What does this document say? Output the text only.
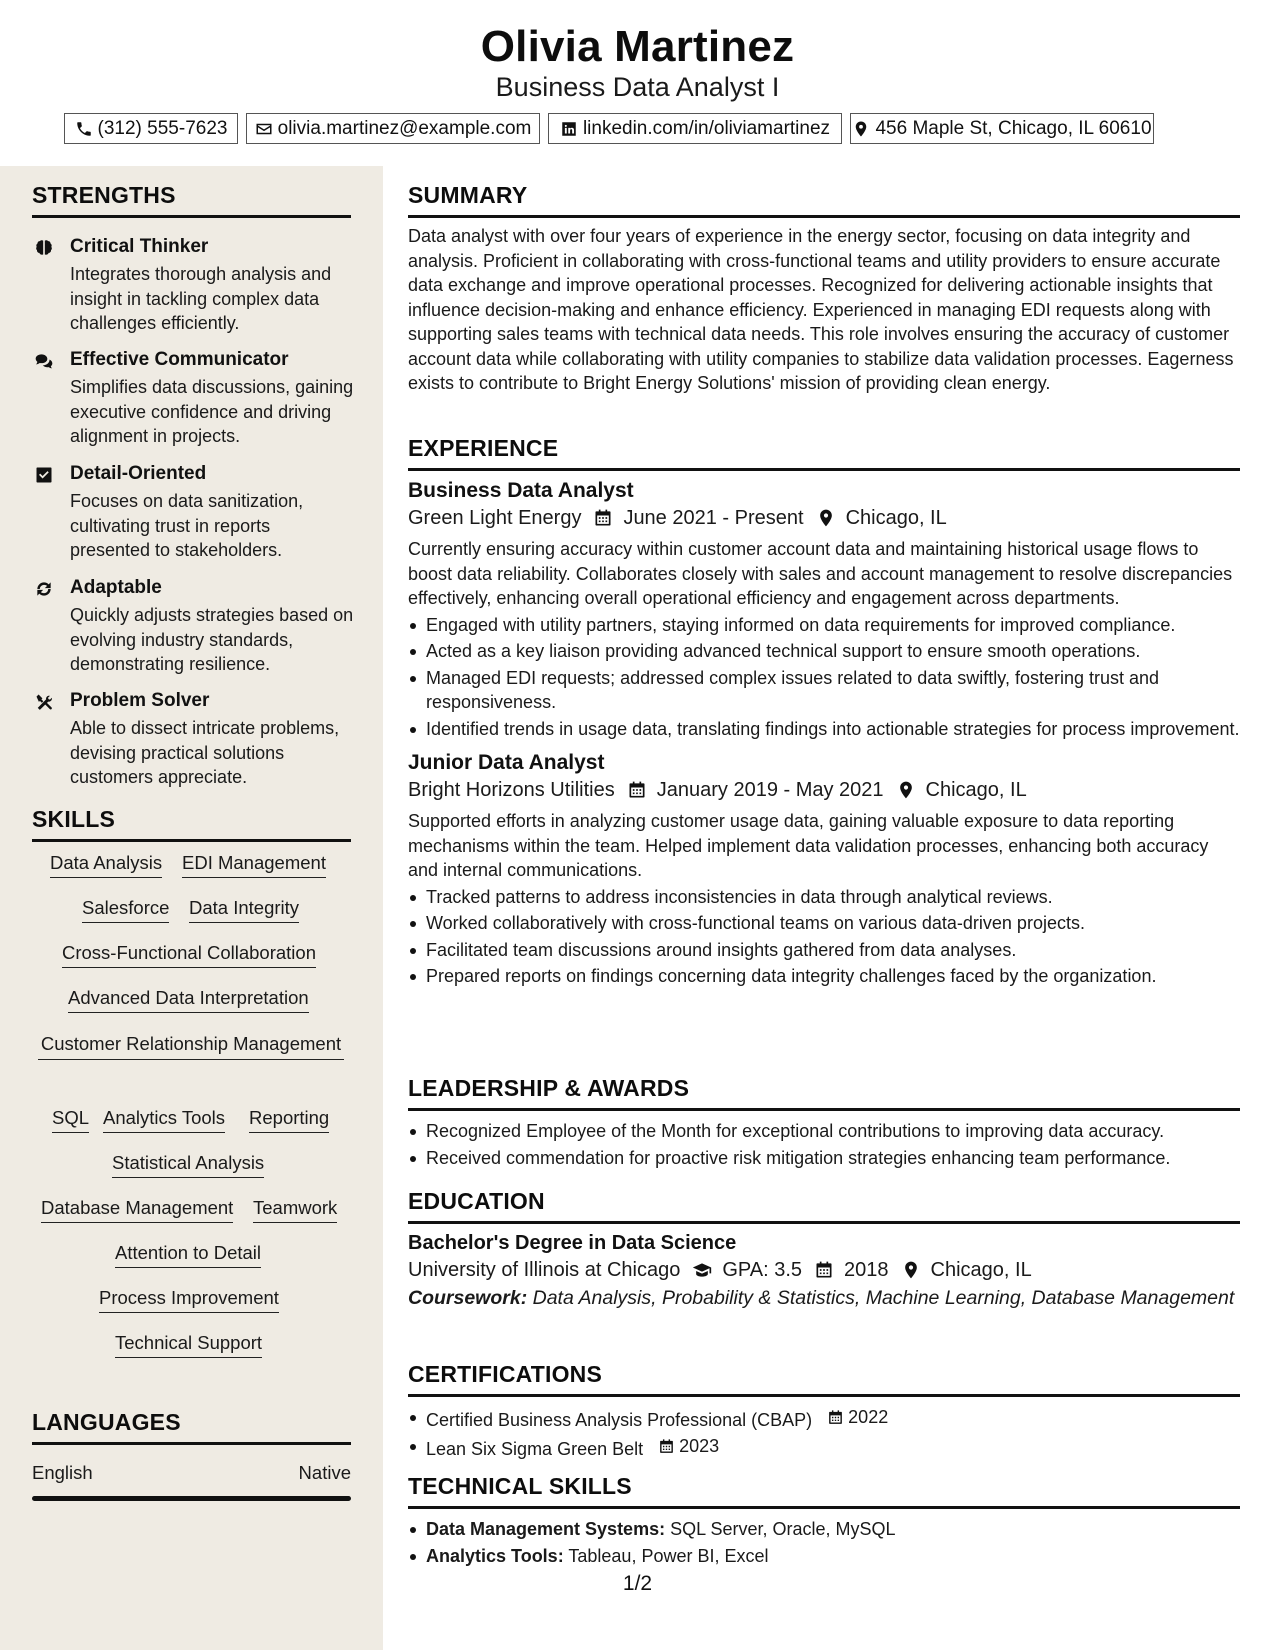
Olivia Martinez
Business Data Analyst I
(312) 555-7623	olivia.martinez@example.com	linkedin.com/in/oliviamartinez 456 Maple St, Chicago, IL 60610
STRENGTHS
Critical Thinker
Integrates thorough analysis and insight in tackling complex data challenges efficiently.
Effective Communicator
Simplifies data discussions, gaining executive confidence and driving alignment in projects.
Detail-Oriented
Focuses on data sanitization, cultivating trust in reports presented to stakeholders.
Adaptable
Quickly adjusts strategies based on evolving industry standards, demonstrating resilience.
Problem Solver
Able to dissect intricate problems, devising practical solutions customers appreciate.
SKILLS
Data Analysis EDI Management
Salesforce Data Integrity
Cross-Functional Collaboration
Advanced Data Interpretation
Customer Relationship Management
SQL Analytics Tools Reporting
Statistical Analysis
Database Management Teamwork
Attention to Detail
Process Improvement
Technical Support
LANGUAGES
English	Native
SUMMARY
Data analyst with over four years of experience in the energy sector, focusing on data integrity and analysis. Proficient in collaborating with cross-functional teams and utility providers to ensure accurate data exchange and improve operational processes. Recognized for delivering actionable insights that influence decision-making and enhance efficiency. Experienced in managing EDI requests along with supporting sales teams with technical data needs. This role involves ensuring the accuracy of customer account data while collaborating with utility companies to stabilize data validation processes. Eagerness exists to contribute to Bright Energy Solutions' mission of providing clean energy.
EXPERIENCE
Business Data Analyst
Green Light Energy June 2021 - Present Chicago, IL
Currently ensuring accuracy within customer account data and maintaining historical usage flows to boost data reliability. Collaborates closely with sales and account management to resolve discrepancies effectively, enhancing overall operational efficiency and engagement across departments.
Engaged with utility partners, staying informed on data requirements for improved compliance.
Acted as a key liaison providing advanced technical support to ensure smooth operations.
Managed EDI requests; addressed complex issues related to data swiftly, fostering trust and responsiveness.
Identified trends in usage data, translating findings into actionable strategies for process improvement.
Junior Data Analyst
Bright Horizons Utilities January 2019 - May 2021 Chicago, IL
Supported efforts in analyzing customer usage data, gaining valuable exposure to data reporting mechanisms within the team. Helped implement data validation processes, enhancing both accuracy and internal communications.
Tracked patterns to address inconsistencies in data through analytical reviews.
Worked collaboratively with cross-functional teams on various data-driven projects.
Facilitated team discussions around insights gathered from data analyses.
Prepared reports on findings concerning data integrity challenges faced by the organization.
LEADERSHIP & AWARDS
Recognized Employee of the Month for exceptional contributions to improving data accuracy.
Received commendation for proactive risk mitigation strategies enhancing team performance.
EDUCATION
Bachelor's Degree in Data Science
University of Illinois at Chicago GPA: 3.5 2018 Chicago, IL
Coursework: Data Analysis, Probability & Statistics, Machine Learning, Database Management
CERTIFICATIONS
Certified Business Analysis Professional (CBAP) 2022
Lean Six Sigma Green Belt 2023
TECHNICAL SKILLS
Data Management Systems: SQL Server, Oracle, MySQL
Analytics Tools: Tableau, Power BI, Excel
1/2
